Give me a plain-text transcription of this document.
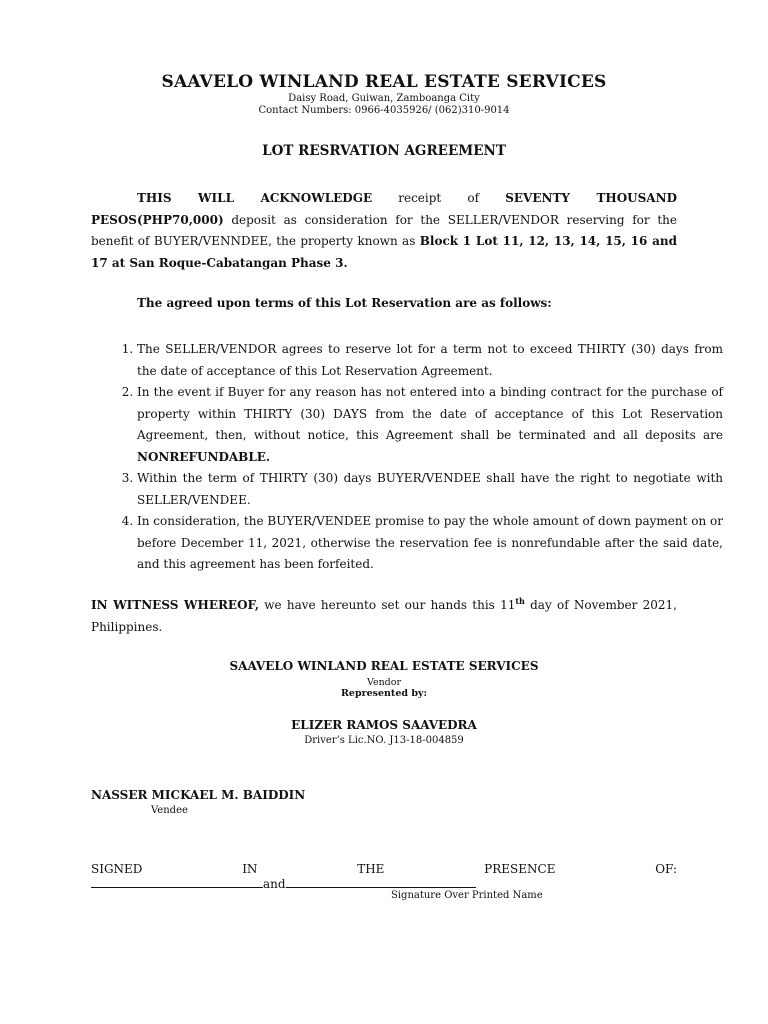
SAAVELO WINLAND REAL ESTATE SERVICES
Daisy Road, Guiwan, Zamboanga City
Contact Numbers: 0966-4035926/ (062)310-9014
LOT RESRVATION AGREEMENT

THIS WILL ACKNOWLEDGE receipt of SEVENTY THOUSAND PESOS(PHP70,000) deposit as consideration for the SELLER/VENDOR reserving for the benefit of BUYER/VENNDEE, the property known as Block 1 Lot 11, 12, 13, 14, 15, 16 and 17 at San Roque-Cabatangan Phase 3.

The agreed upon terms of this Lot Reservation are as follows:
1. The SELLER/VENDOR agrees to reserve lot for a term not to exceed THIRTY (30) days from the date of acceptance of this Lot Reservation Agreement.
2. In the event if Buyer for any reason has not entered into a binding contract for the purchase of property within THIRTY (30) DAYS from the date of acceptance of this Lot Reservation Agreement, then, without notice, this Agreement shall be terminated and all deposits are NONREFUNDABLE.
3. Within the term of THIRTY (30) days BUYER/VENDEE shall have the right to negotiate with SELLER/VENDEE.
4. In consideration, the BUYER/VENDEE promise to pay the whole amount of down payment on or before December 11, 2021, otherwise the reservation fee is nonrefundable after the said date, and this agreement has been forfeited.

IN WITNESS WHEREOF, we have hereunto set our hands this 11th day of November 2021, Philippines.

SAAVELO WINLAND REAL ESTATE SERVICES
Vendor
Represented by:
ELIZER RAMOS SAAVEDRA
Driver’s Lic.NO. J13-18-004859
NASSER MICKAEL M. BAIDDIN
Vendee
SIGNED	IN	THE	PRESENCE	OF:
and
Signature Over Printed Name
